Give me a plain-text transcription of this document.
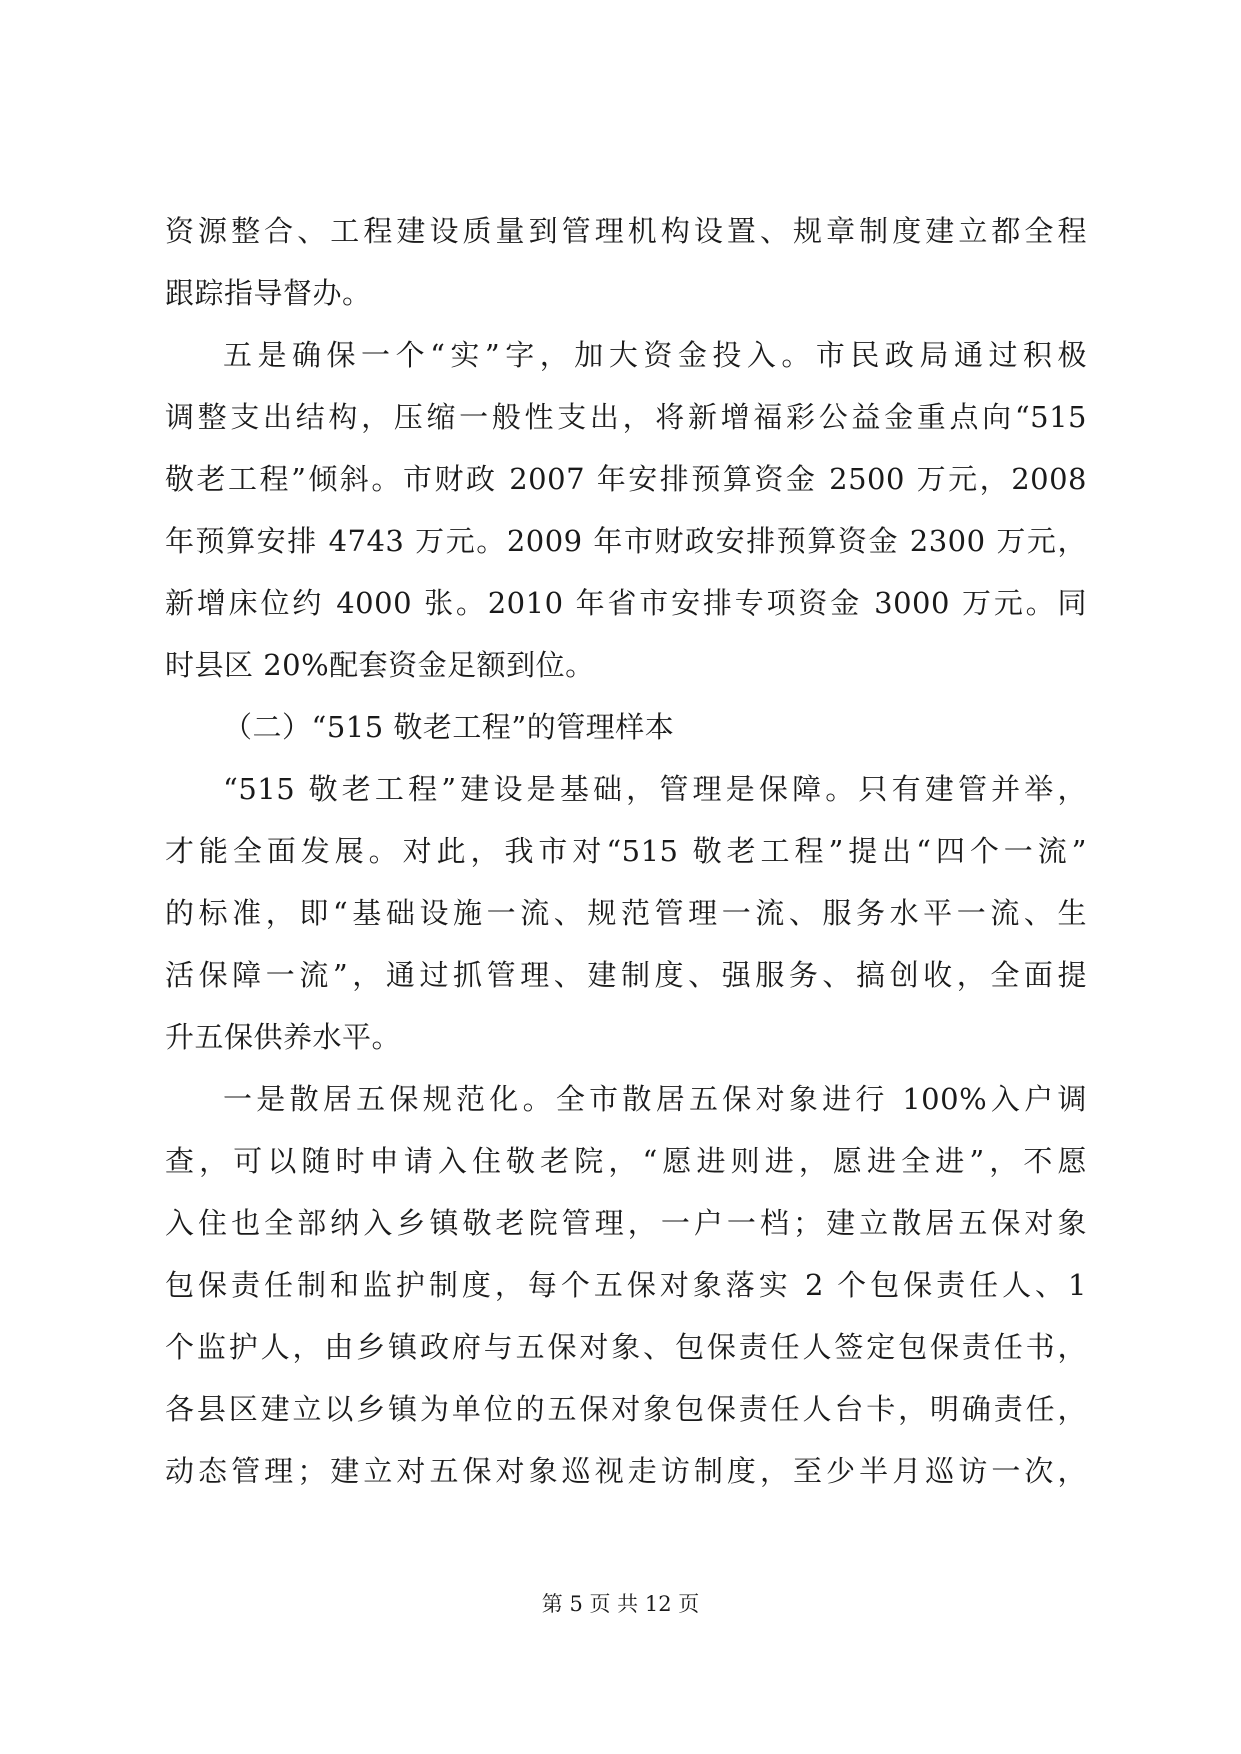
资源整合、工程建设质量到管理机构设置、规章制度建立都全程
跟踪指导督办。
五是确保一个“实”字，加大资金投入。市民政局通过积极
调整支出结构，压缩一般性支出，将新增福彩公益金重点向“515
敬老工程”倾斜。市财政 2007 年安排预算资金 2500 万元，2008
年预算安排 4743 万元。2009 年市财政安排预算资金 2300 万元，
新增床位约 4000 张。2010 年省市安排专项资金 3000 万元。同
时县区 20%配套资金足额到位。
（二）“515 敬老工程”的管理样本
“515 敬老工程”建设是基础，管理是保障。只有建管并举，
才能全面发展。对此，我市对“515 敬老工程”提出“四个一流”
的标准，即“基础设施一流、规范管理一流、服务水平一流、生
活保障一流”，通过抓管理、建制度、强服务、搞创收，全面提
升五保供养水平。
一是散居五保规范化。全市散居五保对象进行 100%入户调
查，可以随时申请入住敬老院，“愿进则进，愿进全进”，不愿
入住也全部纳入乡镇敬老院管理，一户一档；建立散居五保对象
包保责任制和监护制度，每个五保对象落实 2 个包保责任人、1
个监护人，由乡镇政府与五保对象、包保责任人签定包保责任书，
各县区建立以乡镇为单位的五保对象包保责任人台卡，明确责任，
动态管理；建立对五保对象巡视走访制度，至少半月巡访一次，
第 5 页 共 12 页
